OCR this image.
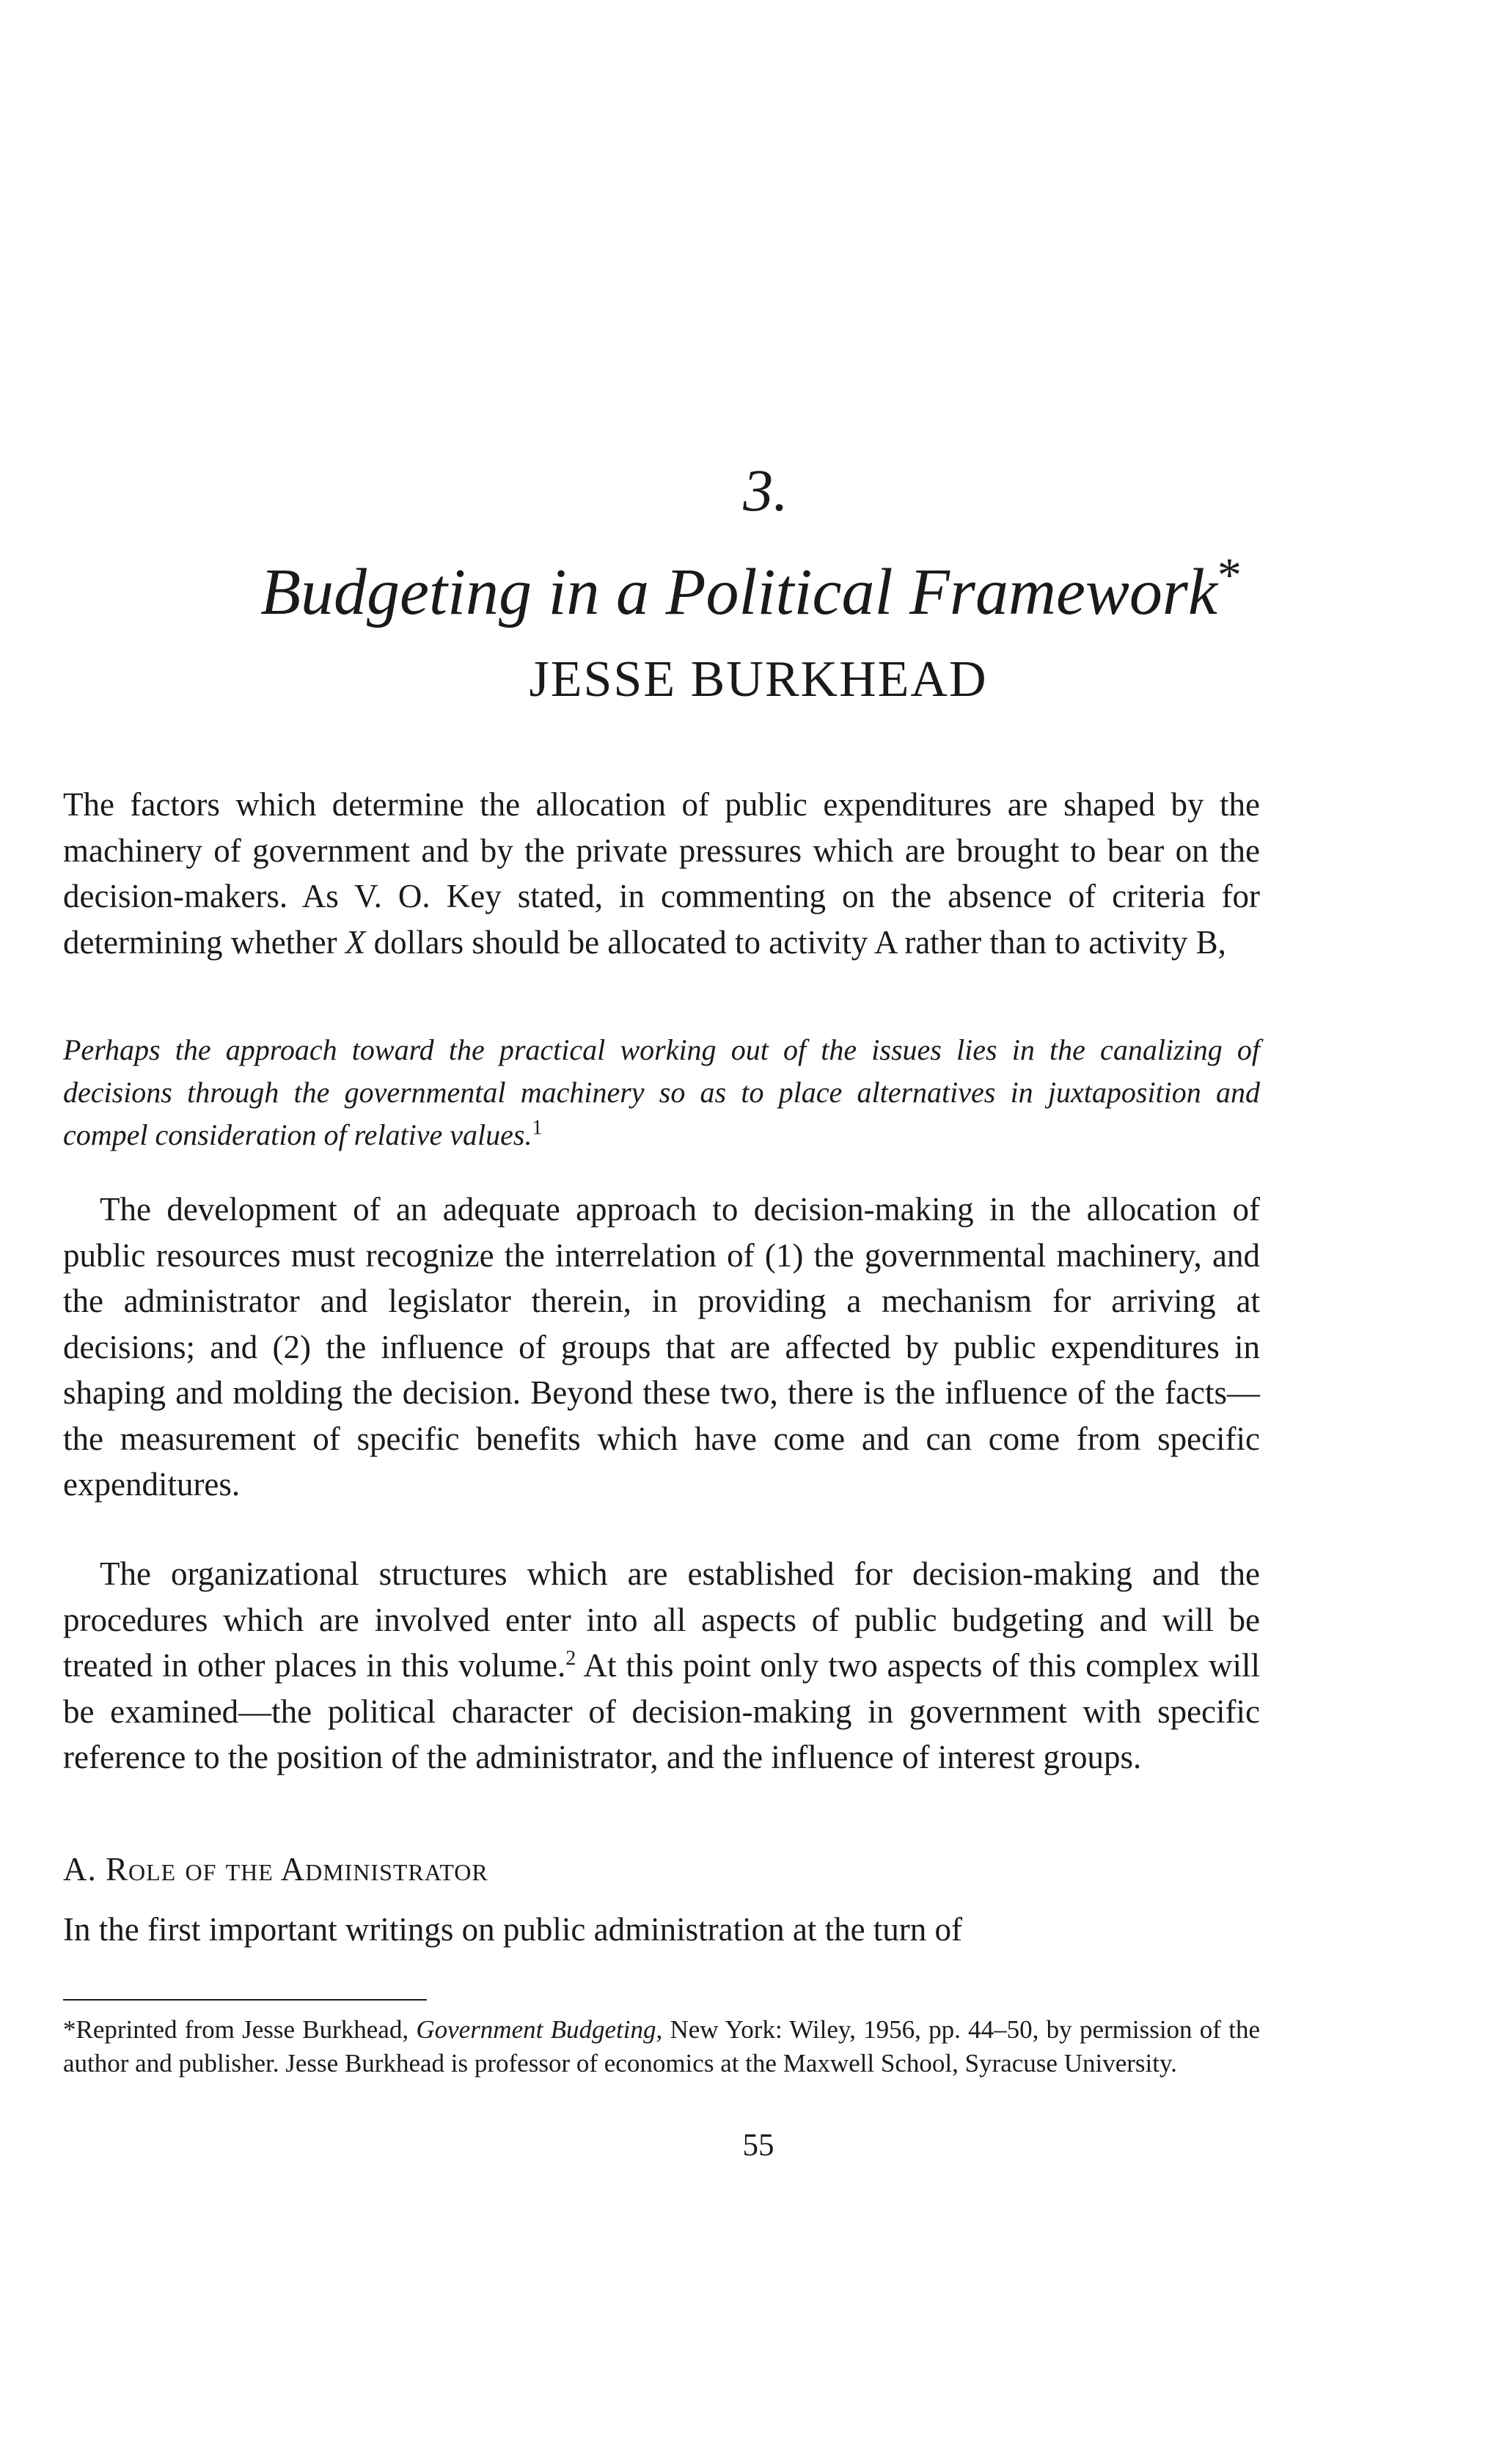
3.
Budgeting in a Political Framework*
JESSE BURKHEAD

The factors which determine the allocation of public expenditures are shaped by the machinery of government and by the private pressures which are brought to bear on the decision-makers. As V. O. Key stated, in commenting on the absence of criteria for determining whether X dollars should be allocated to activity A rather than to activity B,

Perhaps the approach toward the practical working out of the issues lies in the canalizing of decisions through the governmental machinery so as to place alternatives in juxtaposition and compel consideration of relative values.$^1$

The development of an adequate approach to decision-making in the allocation of public resources must recognize the interrelation of (1) the governmental machinery, and the administrator and legislator therein, in providing a mechanism for arriving at decisions; and (2) the influence of groups that are affected by public expenditures in shaping and molding the decision. Beyond these two, there is the influence of the facts—the measurement of specific benefits which have come and can come from specific expenditures.

The organizational structures which are established for decision-making and the procedures which are involved enter into all aspects of public budgeting and will be treated in other places in this volume.$^2$ At this point only two aspects of this complex will be examined—the political character of decision-making in government with specific reference to the position of the administrator, and the influence of interest groups.

A. Role of the Administrator

In the first important writings on public administration at the turn of

*Reprinted from Jesse Burkhead, Government Budgeting, New York: Wiley, 1956, pp. 44–50, by permission of the author and publisher. Jesse Burkhead is professor of economics at the Maxwell School, Syracuse University.

55
